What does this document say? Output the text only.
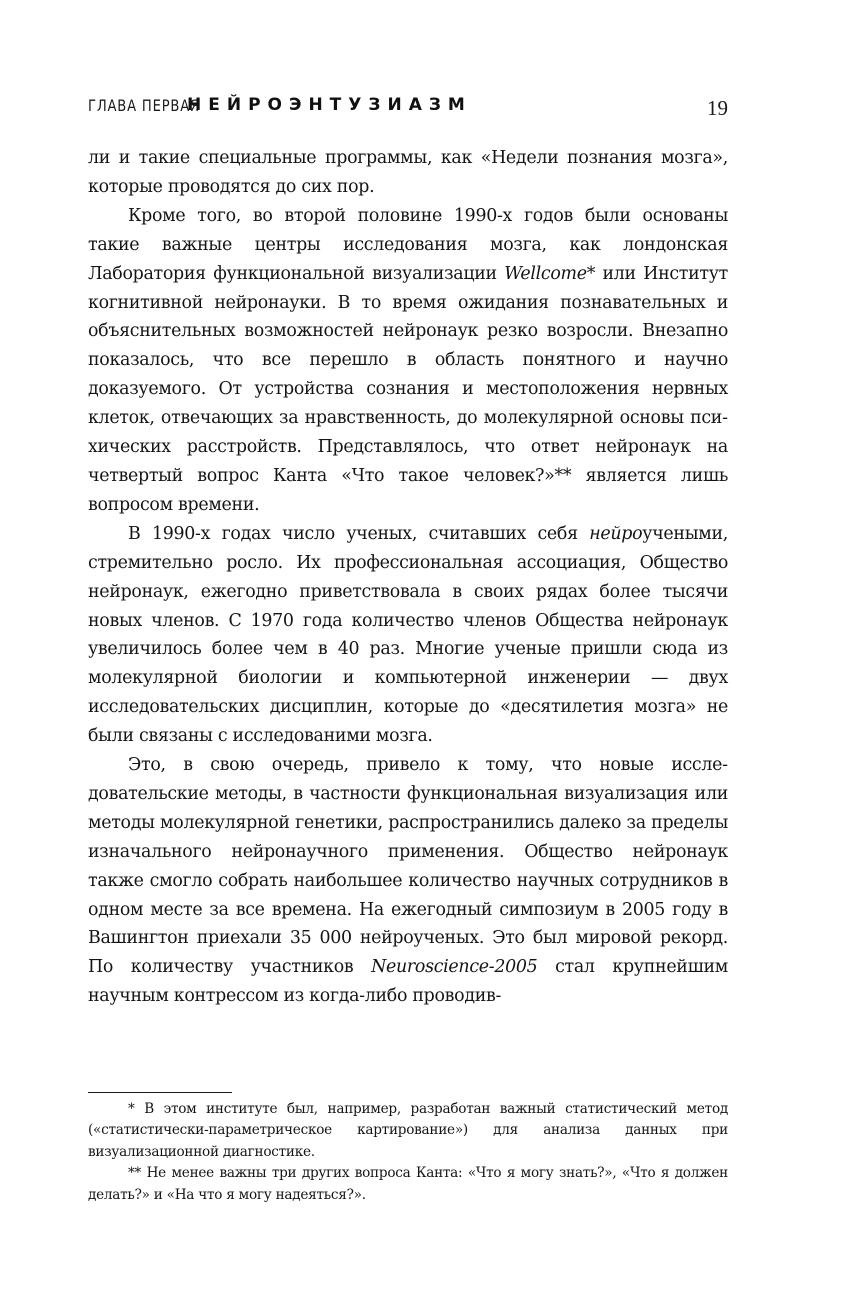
ГЛАВА ПЕРВАЯ
НЕЙРОЭНТУЗИАЗМ	19

ли и такие специальные программы, как «Недели познания мозга», которые проводятся до сих пор.

Кроме того, во второй половине 1990-х годов были основаны такие важные центры исследования мозга, как лондонская Лаборатория функциональной визуализации Wellcome* или Институт когнитивной нейронауки. В то время ожидания познавательных и объяснительных возможностей нейронаук резко возросли. Внезапно показалось, что все перешло в область понятного и научно доказуемого. От устройства сознания и местоположения нервных клеток, отвечающих за нравственность, до молекулярной основы психических расстройств. Представлялось, что ответ нейронаук на четвертый вопрос Канта «Что такое человек?»** является лишь вопросом времени.

В 1990-х годах число ученых, считавших себя нейроучеными, стремительно росло. Их профессиональная ассоциация, Общество нейронаук, ежегодно приветствовала в своих рядах более тысячи новых членов. С 1970 года количество членов Общества нейронаук увеличилось более чем в 40 раз. Многие ученые пришли сюда из молекулярной биологии и компьютерной инженерии — двух исследовательских дисциплин, которые до «десятилетия мозга» не были связаны с исследованими мозга.

Это, в свою очередь, привело к тому, что новые исследовательские методы, в частности функциональная визуализация или методы молекулярной генетики, распространились далеко за пределы изначального нейронаучного применения. Общество нейронаук также смогло собрать наибольшее количество научных сотрудников в одном месте за все времена. На ежегодный симпозиум в 2005 году в Вашингтон приехали 35 000 нейроученых. Это был мировой рекорд. По количеству участников Neuroscience-2005 стал крупнейшим научным контрессом из когда-либо проводив-

* В этом институте был, например, разработан важный статистический метод («статистически-параметрическое картирование») для анализа данных при визуализационной диагностике.

** Не менее важны три других вопроса Канта: «Что я могу знать?», «Что я должен делать?» и «На что я могу надеяться?».
